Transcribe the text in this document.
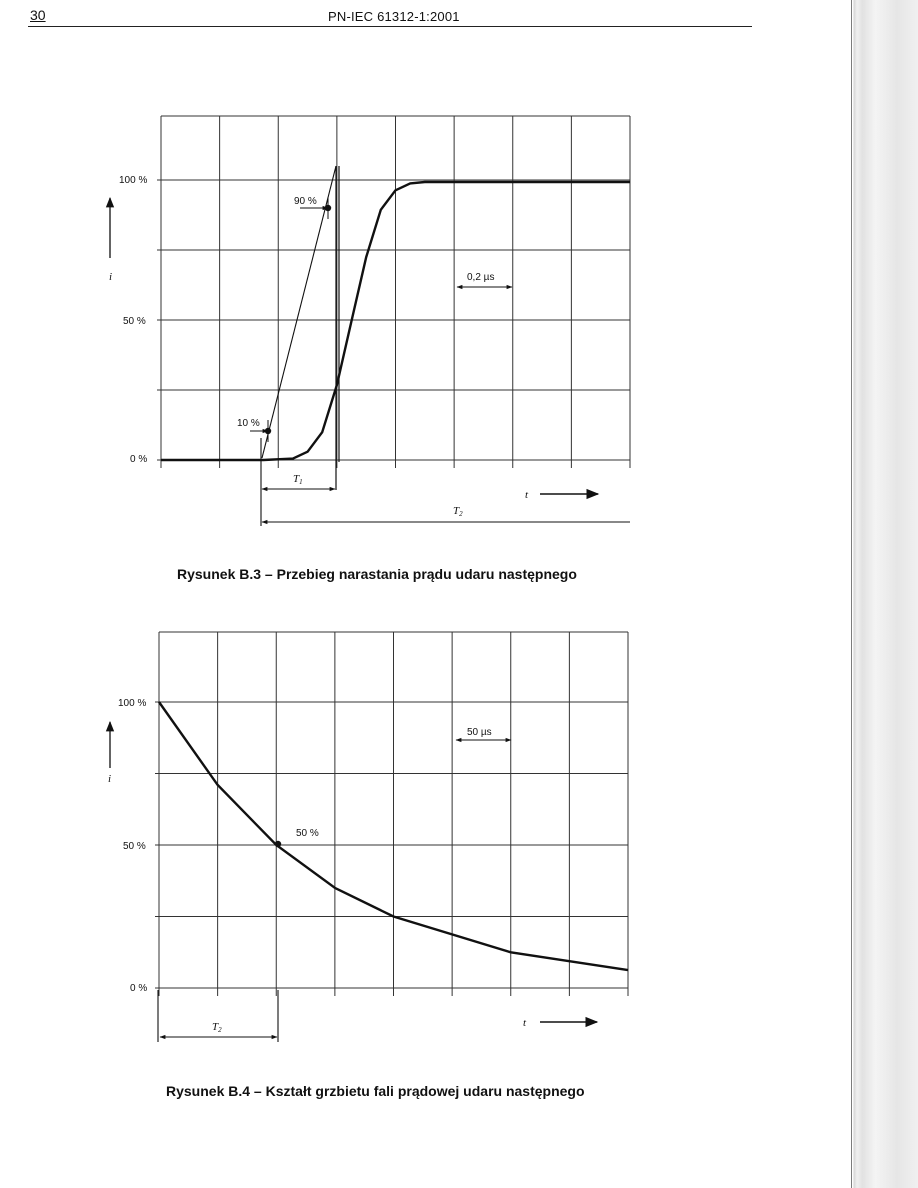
30	PN-IEC 61312-1:2001
i
100 %
50 %
0 %
10 %
90 %
0,2 µs
T1
T2
t
i
100 %
50 %
0 %
50 %
50 µs
T2
t
Rysunek B.3 – Przebieg narastania prądu udaru następnego
Rysunek B.4 – Kształt grzbietu fali prądowej udaru następnego
